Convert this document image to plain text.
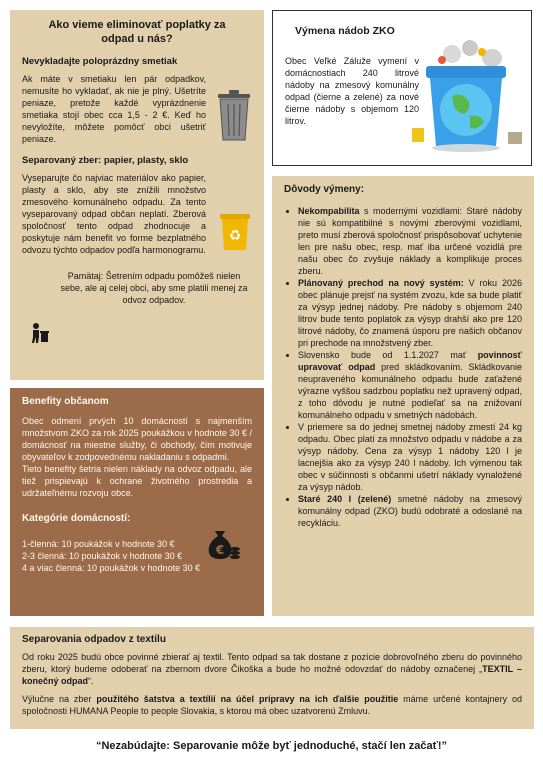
Ako vieme eliminovať poplatky za odpad u nás?
Nevykladajte poloprázdny smetiak

Ak máte v smetiaku len pár odpadkov, nemusíte ho vykladať, ak nie je plný. Ušetríte peniaze, pretože každé vyprázdnenie smetiaka stojí obec cca 1,5 - 2 €. Keď ho nevyložíte, môžete pomôcť obci ušetriť peniaze.

Separovaný zber: papier, plasty, sklo

Vyseparujte čo najviac materiálov ako papier, plasty a sklo, aby ste znížili množstvo zmesového komunálneho odpadu. Za tento vyseparovaný odpad občan neplatí. Zberová spoločnosť tento odpad zhodnocuje a poskytuje nám benefit vo forme bezplatného odvozu týchto odpadov podľa harmonogramu.

Pamätaj: Šetrením odpadu pomôžeš nielen sebe, ale aj celej obci, aby sme platili menej za odvoz odpadov.

♻
Výmena nádob ZKO

Obec Veľké Záluže vymení v domácnostiach 240 litrové nádoby na zmesový komunálny odpad (čierne a zelené) za nové čierne nádoby s objemom 120 litrov.

Dôvody výmeny:
• Nekompabilita s modernými vozidlami: Staré nádoby nie sú kompatibilné s novými zberovými vozidlami, preto musí zberová spoločnosť prispôsobovať uchytenie len pre našu obec, resp. mať iba určené vozidlá pre našu obec čo zvyšuje náklady a komplikuje proces zberu.
• Plánovaný prechod na nový systém: V roku 2026 obec plánuje prejsť na systém zvozu, kde sa bude platiť za výsyp jednej nádoby. Pre nádoby s objemom 240 litrov bude tento poplatok za výsyp drahší ako pre 120 litrové nádoby, čo znamená úsporu pre našich občanov pri prechode na množstvený zber.
• Slovensko bude od 1.1.2027 mať povinnosť upravovať odpad pred skládkovaním. Skládkovanie neupraveného komunálneho odpadu bude zaťažené výrazne vyššou sadzbou poplatku než upravený odpad, z toho dôvodu je nutné podieľať sa na znižovaní komunálneho odpadu v smetných nádobách.
• V priemere sa do jednej smetnej nádoby zmestí 24 kg odpadu. Obec platí za množstvo odpadu v nádobe a za výsyp nádoby. Cena za výsyp 1 nádoby 120 l je lacnejšia ako za výsyp 240 l nádoby. Ich výmenou tak obec v súčinnosti s občanmi ušetrí náklady vynaložené za výsyp nádob.
• Staré 240 l (zelené) smetné nádoby na zmesový komunálny odpad (ZKO) budú odobraté a odoslané na recykláciu.
Benefity občanom

Obec odmení prvých 10 domácností s najmenším množstvom ZKO za rok 2025 poukážkou v hodnote 30 € / domácnosť na miestne služby, či obchody, čím motivuje obyvateľov k zodpovednému nakladaniu s odpadmi.

Tieto benefity šetria nielen náklady na odvoz odpadu, ale tiež prispievajú k ochrane životného prostredia a udržateľnému rozvoju obce.

Kategórie domácností:

1-členná: 10 poukážok v hodnote 30 €

2-3 členná: 10 poukážok v hodnote 30 €

4 a viac členná: 10 poukážok v hodnote 30 €

€
Separovania odpadov z textilu

Od roku 2025 budú obce povinné zbierať aj textil. Tento odpad sa tak dostane z pozície dobrovoľného zberu do povinného zberu, ktorý budeme odoberať na zbernom dvore Čikoška a bude ho možné odovzdať do nádoby označenej „TEXTIL – konečný odpad“.

Výlučne na zber použitého šatstva a textílií na účel prípravy na ich ďalšie použitie máme určené kontajnery od spoločnosti HUMANA People to people Slovakia, s ktorou má obec uzatvorenú Zmluvu.

“Nezabúdajte: Separovanie môže byť jednoduché, stačí len začať!”
